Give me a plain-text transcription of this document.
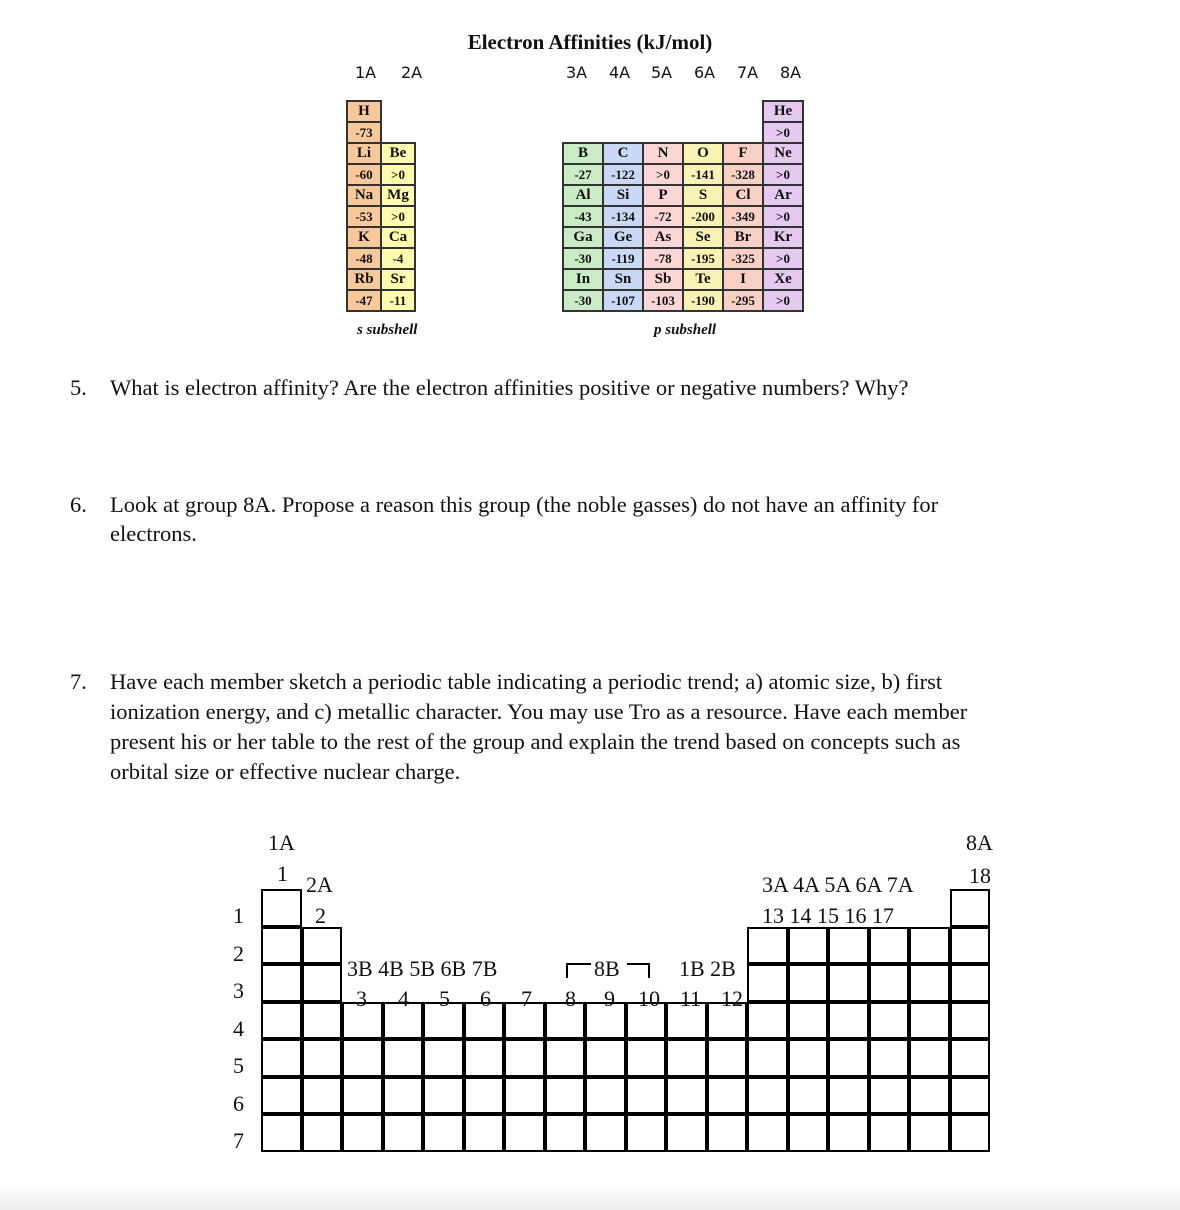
Electron Affinities (kJ/mol)
1A 2A	3A 4A 5A 6A 7A 8A
H	
-73	
Li	Be
-60	>0
Na	Mg
-53	>0
K	Ca
-48	-4
Rb	Sr
-47	-11
					He
					>0
B	C	N	O	F	Ne
-27	-122	>0	-141	-328	>0
Al	Si	P	S	Cl	Ar
-43	-134	-72	-200	-349	>0
Ga	Ge	As	Se	Br	Kr
-30	-119	-78	-195	-325	>0
In	Sn	Sb	Te	I	Xe
-30	-107	-103	-190	-295	>0
s subshell	p subshell
5. What is electron affinity? Are the electron affinities positive or negative numbers? Why?
6. Look at group 8A. Propose a reason this group (the noble gasses) do not have an affinity for
electrons.
7. Have each member sketch a periodic table indicating a periodic trend; a) atomic size, b) first
ionization energy, and c) metallic character. You may use Tro as a resource. Have each member
present his or her table to the rest of the group and explain the trend based on concepts such as
orbital size or effective nuclear charge.
1A
1 2A
2
8A
18
3A 4A 5A 6A 7A
13 14 15 16 17
3B 4B 5B 6B 7B	8B	1B 2B
3 4 5 6 7 8 9 10 11 12
1
2
3
4
5
6
7
